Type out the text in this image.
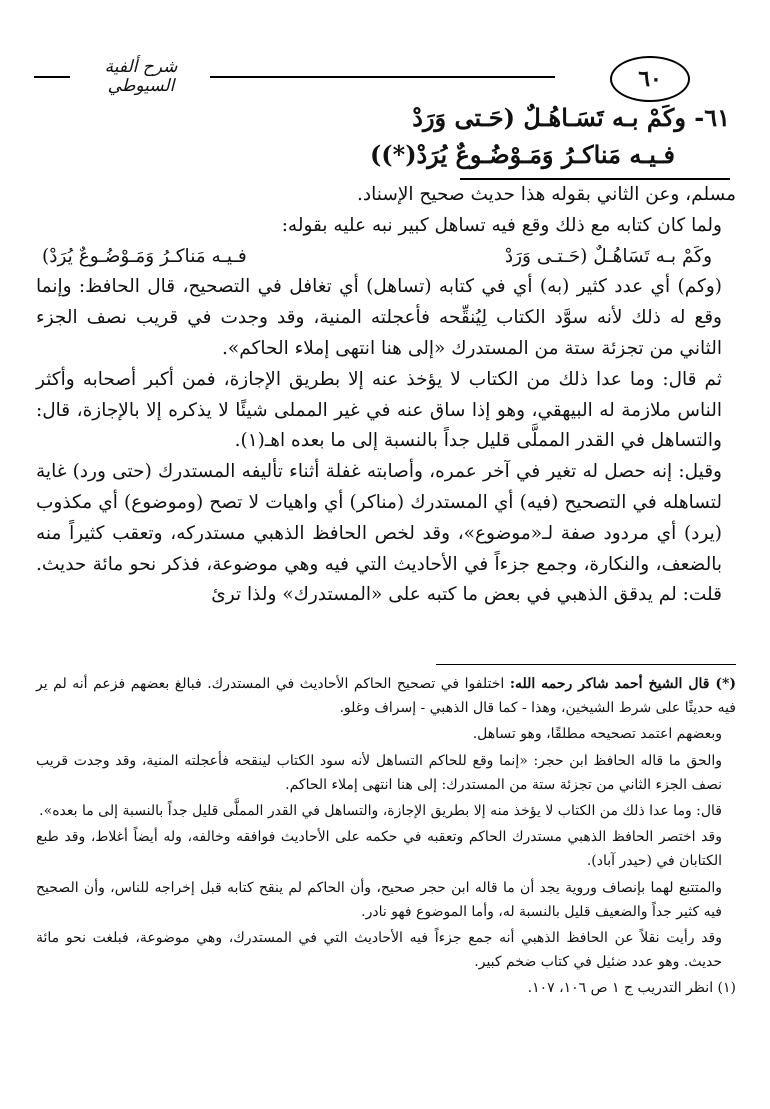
٦٠
شرح ألفية السيوطي
٦١- وكَمْ بـه تَسَـاهُـلٌ (حَـتى وَرَدْ
فـيـه مَناكـرُ وَمَـوْضُـوعٌ يُرَدْ(*))

مسلم، وعن الثاني بقوله هذا حديث صحيح الإسناد.

ولما كان كتابه مع ذلك وقع فيه تساهل كبير نبه عليه بقوله:

وكَمْ بـه تَسَاهُـلٌ (حَـتـى وَرَدْ
فـيـه مَناكـرُ وَمَـوْضُـوعٌ يُرَدْ)

(وكم) أي عدد كثير (به) أي في كتابه (تساهل) أي تغافل في التصحيح، قال الحافظ: وإنما وقع له ذلك لأنه سوَّد الكتاب لِيُنقِّحه فأعجلته المنية، وقد وجدت في قريب نصف الجزء الثاني من تجزئة ستة من المستدرك «إلى هنا انتهى إملاء الحاكم».

ثم قال: وما عدا ذلك من الكتاب لا يؤخذ عنه إلا بطريق الإجازة، فمن أكبر أصحابه وأكثر الناس ملازمة له البيهقي، وهو إذا ساق عنه في غير المملى شيئًا لا يذكره إلا بالإجازة، قال: والتساهل في القدر المملَّى قليل جداً بالنسبة إلى ما بعده اهـ(١).

وقيل: إنه حصل له تغير في آخر عمره، وأصابته غفلة أثناء تأليفه المستدرك (حتى ورد) غاية لتساهله في التصحيح (فيه) أي المستدرك (مناكر) أي واهيات لا تصح (وموضوع) أي مكذوب (يرد) أي مردود صفة لـ«موضوع»، وقد لخص الحافظ الذهبي مستدركه، وتعقب كثيراً منه بالضعف، والنكارة، وجمع جزءاً في الأحاديث التي فيه وهي موضوعة، فذكر نحو مائة حديث. قلت: لم يدقق الذهبي في بعض ما كتبه على «المستدرك» ولذا ترئ

(*) قال الشيخ أحمد شاكر رحمه الله: اختلفوا في تصحيح الحاكم الأحاديث في المستدرك. فبالغ بعضهم فزعم أنه لم ير فيه حديثًا على شرط الشيخين، وهذا - كما قال الذهبي - إسراف وغلو.

وبعضهم اعتمد تصحيحه مطلقًا، وهو تساهل.

والحق ما قاله الحافظ ابن حجر: «إنما وقع للحاكم التساهل لأنه سود الكتاب لينقحه فأعجلته المنية، وقد وجدت قريب نصف الجزء الثاني من تجزئة ستة من المستدرك: إلى هنا انتهى إملاء الحاكم.

قال: وما عدا ذلك من الكتاب لا يؤخذ منه إلا بطريق الإجازة، والتساهل في القدر المملَّى قليل جداً بالنسبة إلى ما بعده».

وقد اختصر الحافظ الذهبي مستدرك الحاكم وتعقبه في حكمه على الأحاديث فوافقه وخالفه، وله أيضاً أغلاط، وقد طبع الكتابان في (حيدر آباد).

والمتتبع لهما بإنصاف وروية يجد أن ما قاله ابن حجر صحيح، وأن الحاكم لم ينقح كتابه قبل إخراجه للناس، وأن الصحيح فيه كثير جداً والضعيف قليل بالنسبة له، وأما الموضوع فهو نادر.

وقد رأيت نقلاً عن الحافظ الذهبي أنه جمع جزءاً فيه الأحاديث التي في المستدرك، وهي موضوعة، فبلغت نحو مائة حديث. وهو عدد ضئيل في كتاب ضخم كبير.

(١) انظر التدريب ج ١ ص ١٠٦، ١٠٧.
